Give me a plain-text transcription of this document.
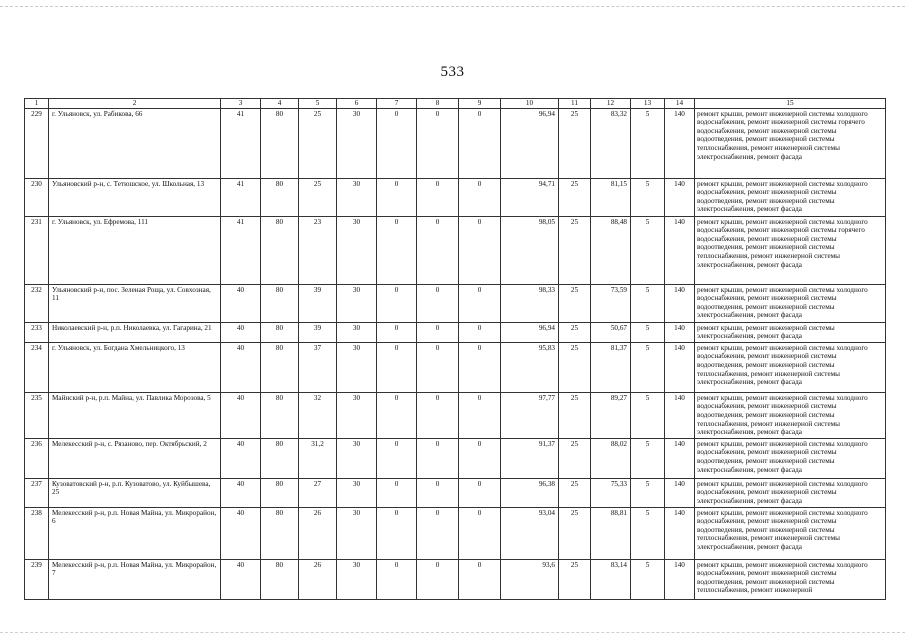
533
1	2	3	4	5	6	7	8	9	10	11	12	13	14	15
229	г. Ульяновск, ул. Рабикова, 66	41	80	25	30	0	0	0	96,94	25	83,32	5	140	ремонт крыши, ремонт инженерной системы холодного водоснабжения, ремонт инженерной системы горячего водоснабжения, ремонт инженерной системы водоотведения, ремонт инженерной системы теплоснабжения, ремонт инженерной системы электроснабжения, ремонт фасада
230	Ульяновский р-н, с. Тетюшское, ул. Школьная, 13	41	80	25	30	0	0	0	94,71	25	81,15	5	140	ремонт крыши, ремонт инженерной системы холодного водоснабжения, ремонт инженерной системы водоотведения, ремонт инженерной системы электроснабжения, ремонт фасада
231	г. Ульяновск, ул. Ефремова, 111	41	80	23	30	0	0	0	98,05	25	88,48	5	140	ремонт крыши, ремонт инженерной системы холодного водоснабжения, ремонт инженерной системы горячего водоснабжения, ремонт инженерной системы водоотведения, ремонт инженерной системы теплоснабжения, ремонт инженерной системы электроснабжения, ремонт фасада
232	Ульяновский р-н, пос. Зеленая Роща, ул. Совхозная, 11	40	80	39	30	0	0	0	98,33	25	73,59	5	140	ремонт крыши, ремонт инженерной системы холодного водоснабжения, ремонт инженерной системы водоотведения, ремонт инженерной системы электроснабжения, ремонт фасада
233	Николаевский р-н, р.п. Николаевка, ул. Гагарина, 21	40	80	39	30	0	0	0	96,94	25	50,67	5	140	ремонт крыши, ремонт инженерной системы электроснабжения, ремонт фасада
234	г. Ульяновск, ул. Богдана Хмельницкого, 13	40	80	37	30	0	0	0	95,83	25	81,37	5	140	ремонт крыши, ремонт инженерной системы холодного водоснабжения, ремонт инженерной системы водоотведения, ремонт инженерной системы теплоснабжения, ремонт инженерной системы электроснабжения, ремонт фасада
235	Майнский р-н, р.п. Майна, ул. Павлика Морозова, 5	40	80	32	30	0	0	0	97,77	25	89,27	5	140	ремонт крыши, ремонт инженерной системы холодного водоснабжения, ремонт инженерной системы водоотведения, ремонт инженерной системы теплоснабжения, ремонт инженерной системы электроснабжения, ремонт фасада
236	Мелекесский р-н, с. Рязаново, пер. Октябрьский, 2	40	80	31,2	30	0	0	0	91,37	25	88,02	5	140	ремонт крыши, ремонт инженерной системы холодного водоснабжения, ремонт инженерной системы водоотведения, ремонт инженерной системы электроснабжения, ремонт фасада
237	Кузоватовский р-н, р.п. Кузоватово, ул. Куйбышева, 25	40	80	27	30	0	0	0	96,38	25	75,33	5	140	ремонт крыши, ремонт инженерной системы холодного водоснабжения, ремонт инженерной системы электроснабжения, ремонт фасада
238	Мелекесский р-н, р.п. Новая Майна, ул. Микрорайон, 6	40	80	26	30	0	0	0	93,04	25	88,81	5	140	ремонт крыши, ремонт инженерной системы холодного водоснабжения, ремонт инженерной системы водоотведения, ремонт инженерной системы теплоснабжения, ремонт инженерной системы электроснабжения, ремонт фасада
239	Мелекесский р-н, р.п. Новая Майна, ул. Микрорайон, 7	40	80	26	30	0	0	0	93,6	25	83,14	5	140	ремонт крыши, ремонт инженерной системы холодного водоснабжения, ремонт инженерной системы водоотведения, ремонт инженерной системы теплоснабжения, ремонт инженерной
